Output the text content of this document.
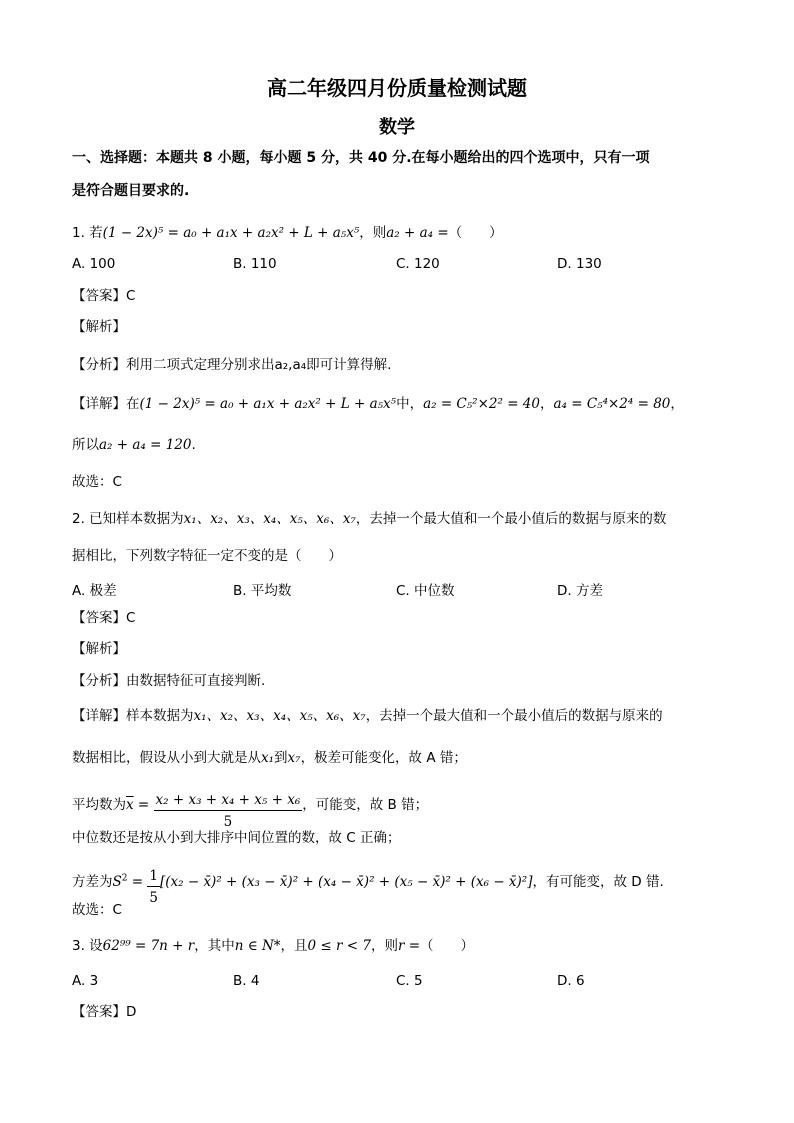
高二年级四月份质量检测试题
数学
一、选择题：本题共 8 小题，每小题 5 分，共 40 分.在每小题给出的四个选项中，只有一项
是符合题目要求的.
1. 若(1 − 2x)⁵ = a₀ + a₁x + a₂x² + L + a₅x⁵，则a₂ + a₄ =（　　）
A. 100	B. 110	C. 120	D. 130
【答案】C
【解析】
【分析】利用二项式定理分别求出a₂,a₄即可计算得解.
【详解】在(1 − 2x)⁵ = a₀ + a₁x + a₂x² + L + a₅x⁵中，a₂ = C₅²×2² = 40，a₄ = C₅⁴×2⁴ = 80，
所以a₂ + a₄ = 120.
故选：C
2. 已知样本数据为x₁、x₂、x₃、x₄、x₅、x₆、x₇，去掉一个最大值和一个最小值后的数据与原来的数
据相比，下列数字特征一定不变的是（　　）
A. 极差	B. 平均数	C. 中位数	D. 方差
【答案】C
【解析】
【分析】由数据特征可直接判断.
【详解】样本数据为x₁、x₂、x₃、x₄、x₅、x₆、x₇，去掉一个最大值和一个最小值后的数据与原来的
数据相比，假设从小到大就是从x₁到x₇，极差可能变化，故 A 错；
平均数为$\overline{x} = \frac{\text{x₂ + x₃ + x₄ + x₅ + x₆}}{5}$ ，可能变，故 B 错；
中位数还是按从小到大排序中间位置的数，故 C 正确；
方差为$S^2 = \frac{1}{5} [(x_2$ − x̄)² + (x₃ − x̄)² + (x₄ − x̄)² + (x₅ − x̄)² + (x₆ − x̄)²]，有可能变，故 D 错.
故选：C
3. 设62⁹⁹ = 7n + r，其中n ∈ N*，且0 ≤ r < 7，则r =（　　）
A. 3	B. 4	C. 5	D. 6
【答案】D
